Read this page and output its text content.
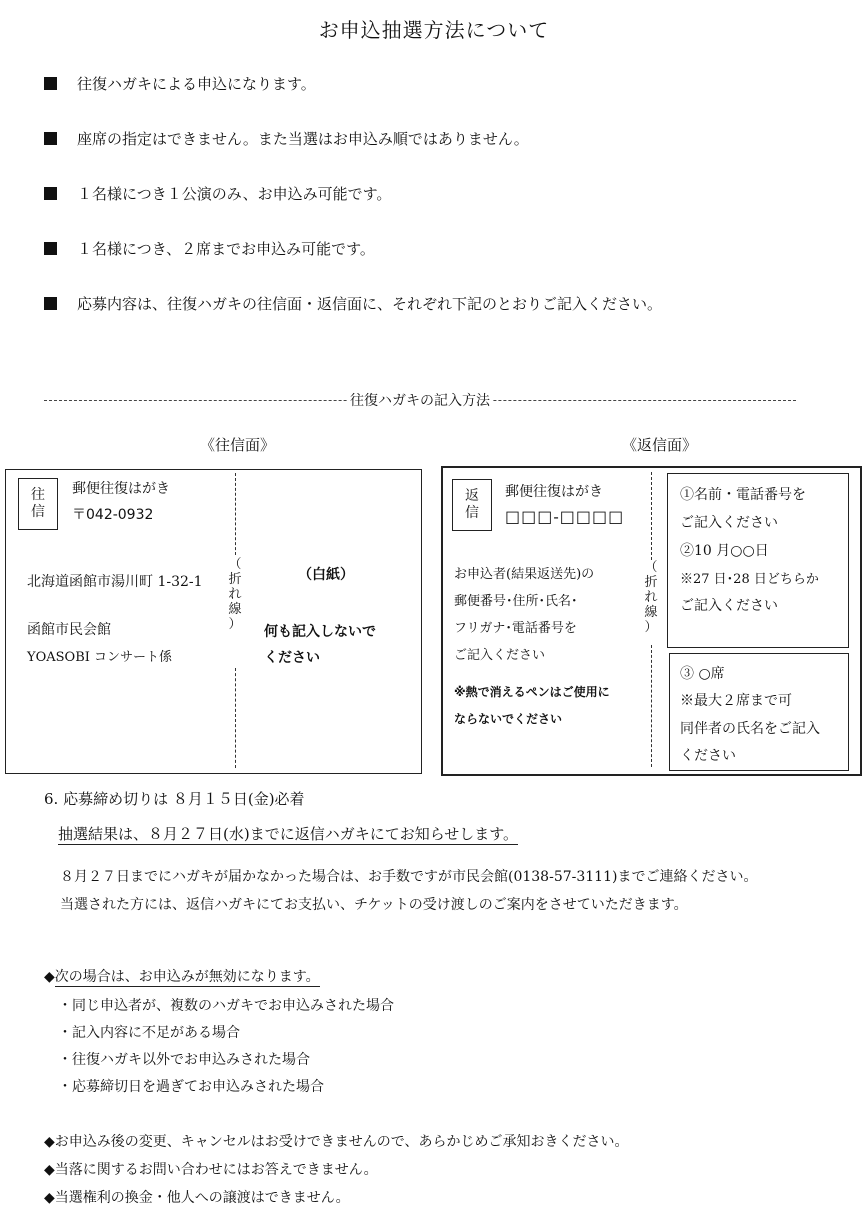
お申込抽選方法について
往復ハガキによる申込になります。
座席の指定はできません。また当選はお申込み順ではありません。
１名様につき１公演のみ、お申込み可能です。
１名様につき、２席までお申込み可能です。
応募内容は、往復ハガキの往信面・返信面に、それぞれ下記のとおりご記入ください。
往復ハガキの記入方法
《往信面》	《返信面》
往
信
郵便往復はがき
〒042-0932
北海道函館市湯川町 1-32-1
函館市民会館
YOASOBI コンサート係
（
折
れ
線
）
（白紙）
何も記入しないで
ください
返
信
郵便往復はがき
□□□-□□□□
お申込者(結果返送先)の
郵便番号･住所･氏名･
フリガナ･電話番号を
ご記入ください
※熱で消えるペンはご使用に
ならないでください
（
折
れ
線
）
①名前・電話番号を
ご記入ください
②10 月○○日
※27 日･28 日どちらか
ご記入ください
③ ○席
※最大２席まで可
同伴者の氏名をご記入
ください
6. 応募締め切りは ８月１５日(金)必着
抽選結果は、８月２７日(水)までに返信ハガキにてお知らせします。
８月２７日までにハガキが届かなかった場合は、お手数ですが市民会館(0138-57-3111)までご連絡ください。
当選された方には、返信ハガキにてお支払い、チケットの受け渡しのご案内をさせていただきます。
◆次の場合は、お申込みが無効になります。
・同じ申込者が、複数のハガキでお申込みされた場合
・記入内容に不足がある場合
・往復ハガキ以外でお申込みされた場合
・応募締切日を過ぎてお申込みされた場合
◆お申込み後の変更、キャンセルはお受けできませんので、あらかじめご承知おきください。
◆当落に関するお問い合わせにはお答えできません。
◆当選権利の換金・他人への譲渡はできません。
